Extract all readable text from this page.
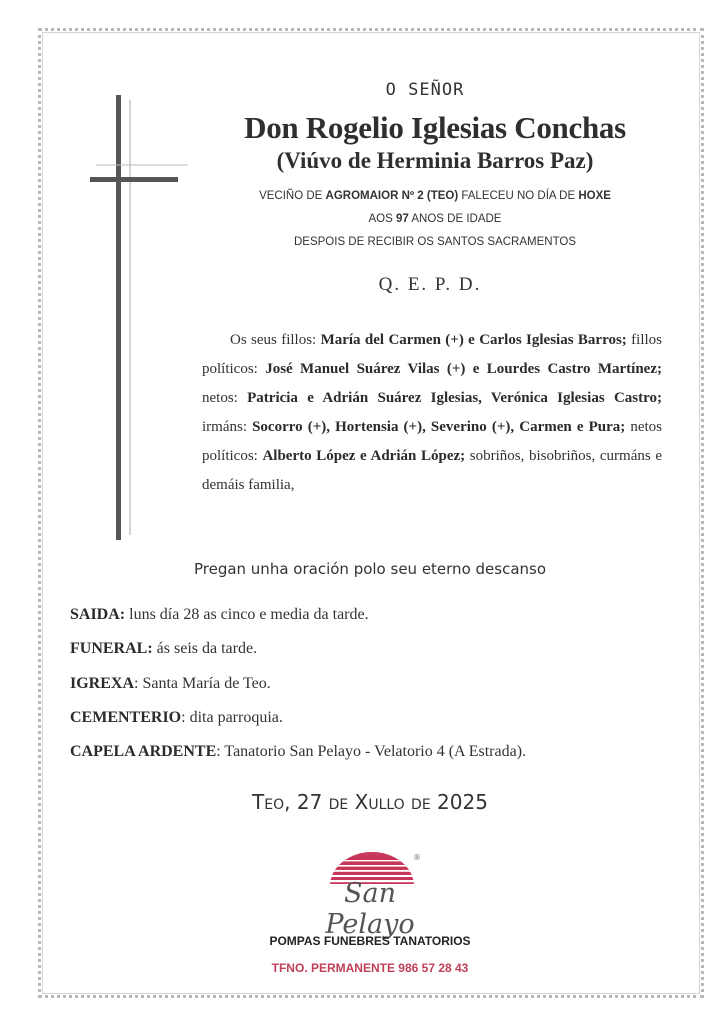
O SEÑOR
Don Rogelio Iglesias Conchas
(Viúvo de Herminia Barros Paz)
VECIÑO DE AGROMAIOR Nº 2 (TEO) FALECEU NO DÍA DE HOXE
AOS 97 ANOS DE IDADE
DESPOIS DE RECIBIR OS SANTOS SACRAMENTOS
Q. E. P. D.

Os seus fillos: María del Carmen (+) e Carlos Iglesias Barros; fillos políticos: José Manuel Suárez Vilas (+) e Lourdes Castro Martínez; netos: Patricia e Adrián Suárez Iglesias, Verónica Iglesias Castro; irmáns: Socorro (+), Hortensia (+), Severino (+), Carmen e Pura; netos políticos: Alberto López e Adrián López; sobriños, bisobriños, curmáns e demáis familia,

Pregan unha oración polo seu eterno descanso
SAIDA: luns día 28 as cinco e media da tarde.
FUNERAL: ás seis da tarde.
IGREXA: Santa María de Teo.
CEMENTERIO: dita parroquia.
CAPELA ARDENTE: Tanatorio San Pelayo - Velatorio 4 (A Estrada).
Teo, 27 de Xullo de 2025
®
San Pelayo
POMPAS FUNEBRES TANATORIOS
TFNO. PERMANENTE 986 57 28 43
